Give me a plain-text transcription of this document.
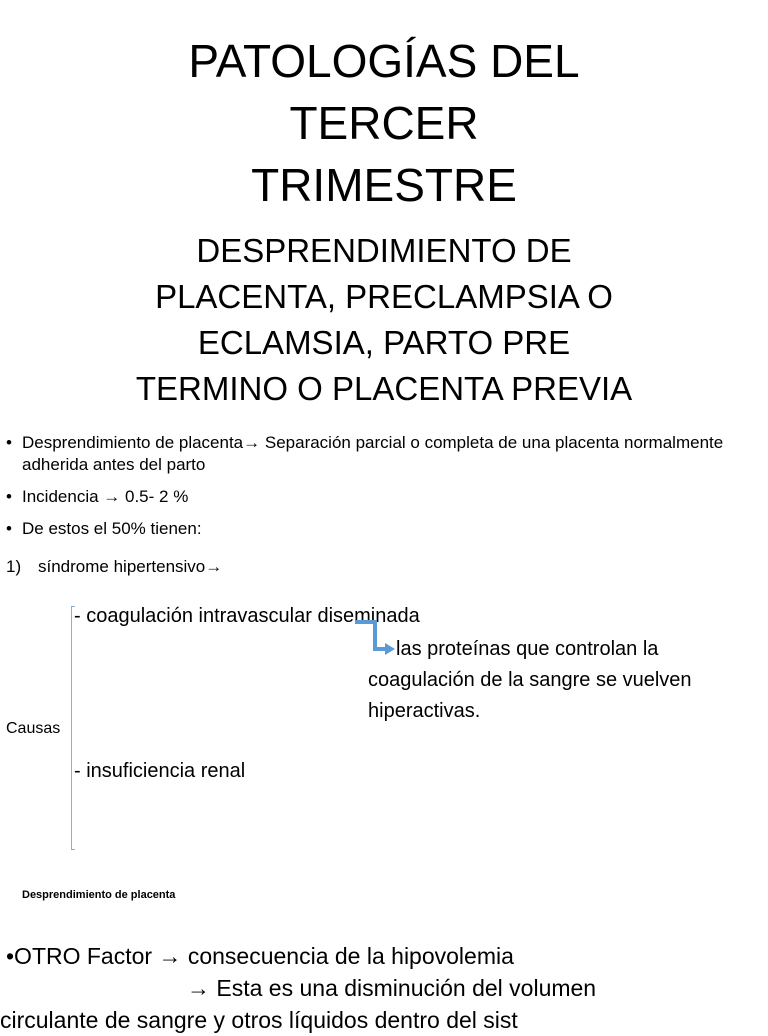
PATOLOGÍAS DEL
TERCER
TRIMESTRE
DESPRENDIMIENTO DE
PLACENTA, PRECLAMPSIA O
ECLAMSIA, PARTO PRE
TERMINO O PLACENTA PREVIA
• Desprendimiento de placenta→ Separación parcial o completa de una placenta normalmente adherida antes del parto
• Incidencia → 0.5- 2 %
• De estos el 50% tienen:
1) síndrome hipertensivo→
Causas
- coagulación intravascular diseminada
- insuficiencia renal
las proteínas que controlan la
coagulación de la sangre se vuelven
hiperactivas.
Desprendimiento de placenta
•OTRO Factor → consecuencia de la hipovolemia
→ Esta es una disminución del volumen
circulante de sangre y otros líquidos dentro del sist
